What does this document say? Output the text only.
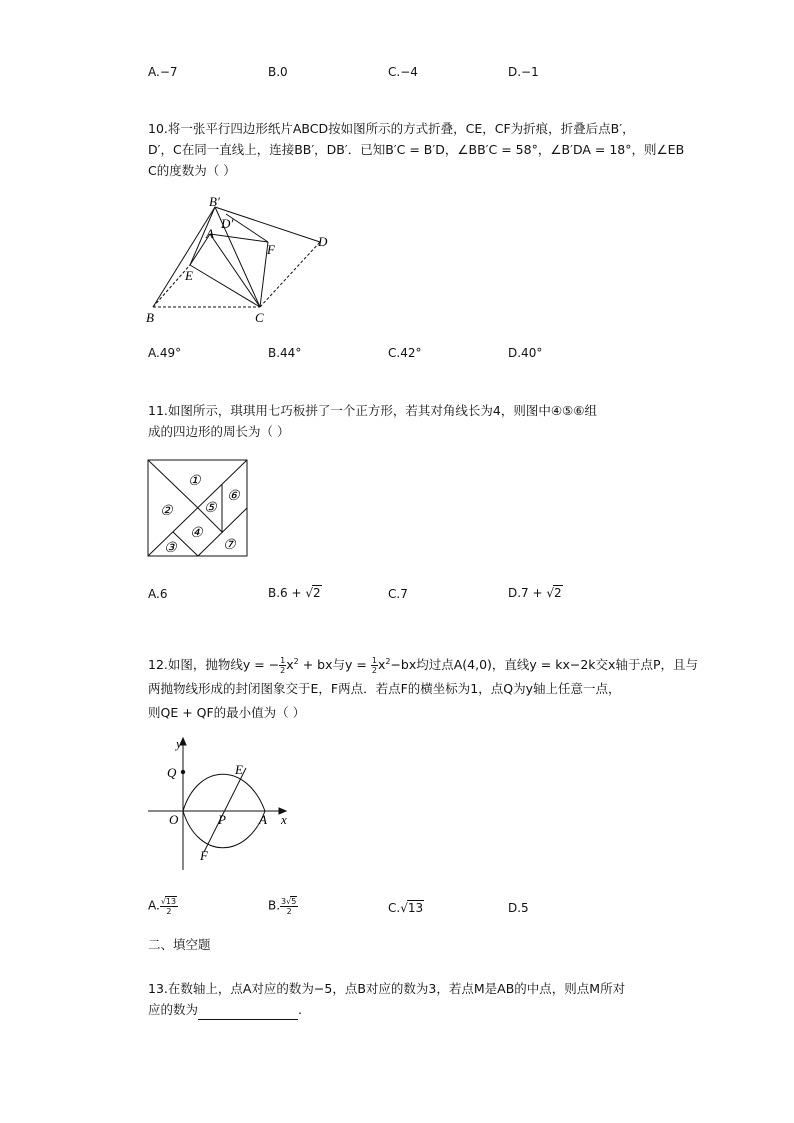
A.−7	B.0	C.−4	D.−1
10.将一张平行四边形纸片ABCD按如图所示的方式折叠，CE，CF为折痕，折叠后点B′，
D′，C在同一直线上，连接BB′，DB′．已知B′C = B′D，∠BB′C = 58°，∠B′DA = 18°，则∠EB
C的度数为（ ）
B′
D′
A
D
F
E
B	C
A.49°	B.44°	C.42°	D.40°
11.如图所示，琪琪用七巧板拼了一个正方形，若其对角线长为4，则图中④⑤⑥组
成的四边形的周长为（ ）
①
②
③
④
⑤
⑥
⑦
A.6	B.6 + √2	C.7	D.7 + √2
12.如图，抛物线y = − $\frac{1}{2} x^2$ + bx与$y = \frac{1}{2} x^2-bx$均过点A(4,0)，直线y = kx−2k交x轴于点P，且与
两抛物线形成的封闭图象交于E，F两点．若点F的横坐标为1，点Q为y轴上任意一点，
则QE + QF的最小值为（ ）
y
Q	E
O	P	A x
F
A. $\frac{√13}{2}$	B. $\frac{3√5}{2}$	C.√13	D.5
二、填空题
13.在数轴上，点A对应的数为−5，点B对应的数为3，若点M是AB的中点，则点M所对
应的数为	.
